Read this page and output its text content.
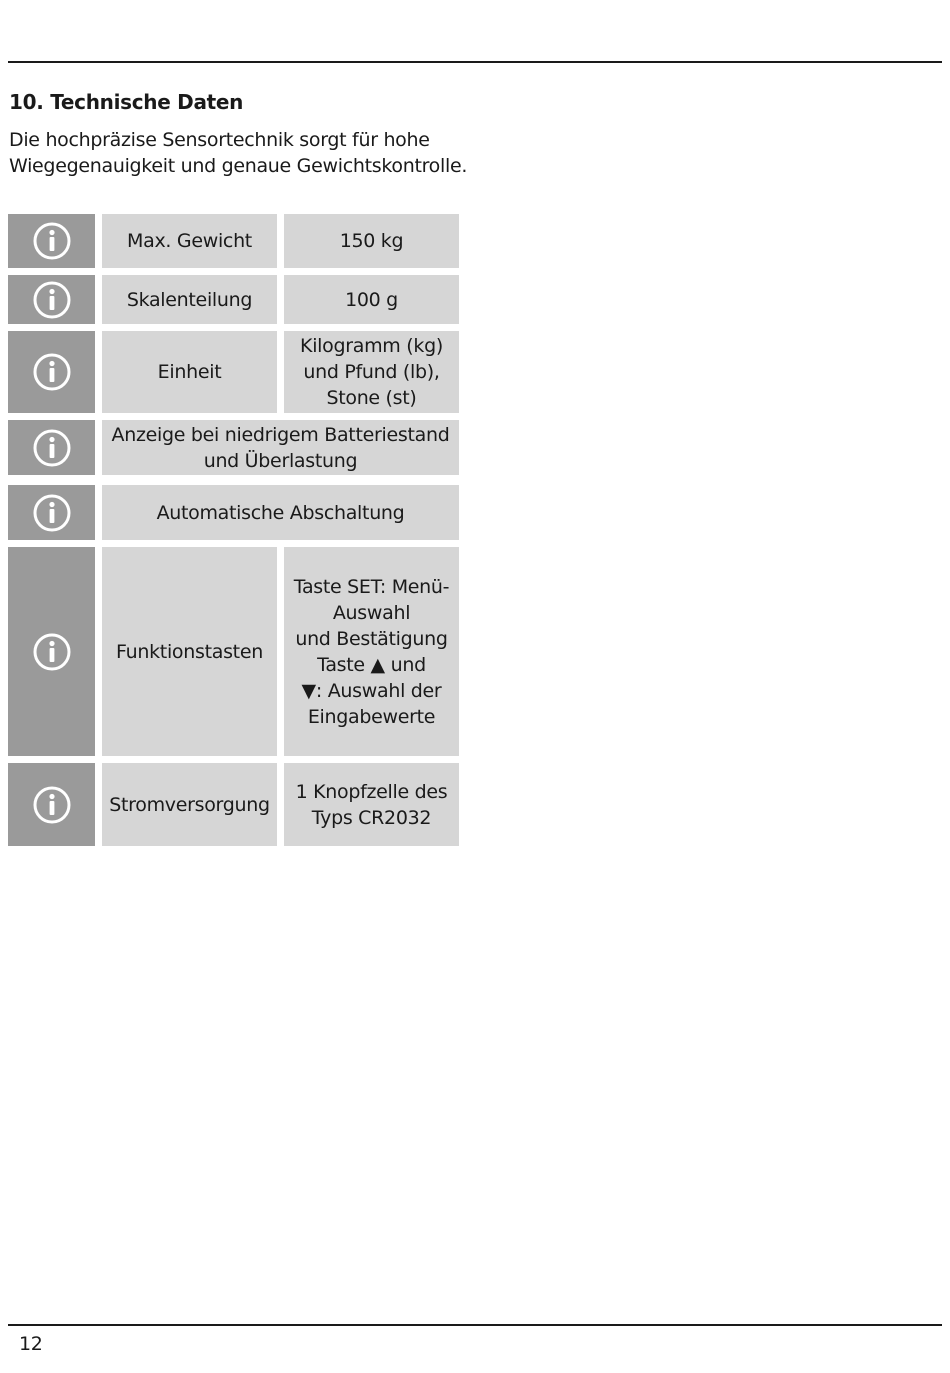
10. Technische Daten

Die hochpräzise Sensortechnik sorgt für hohe
Wiegegenauigkeit und genaue Gewichtskontrolle.

Max. Gewicht	150 kg
Skalenteilung	100 g
Einheit
Kilogramm (kg)
und Pfund (lb),
Stone (st)
Anzeige bei niedrigem Batteriestand
und Überlastung
Automatische Abschaltung
Funktionstasten
Taste SET: Menü-
Auswahl
und Bestätigung
Taste ▲ und
▼: Auswahl der
Eingabewerte
Stromversorgung
1 Knopfzelle des
Typs CR2032
12
